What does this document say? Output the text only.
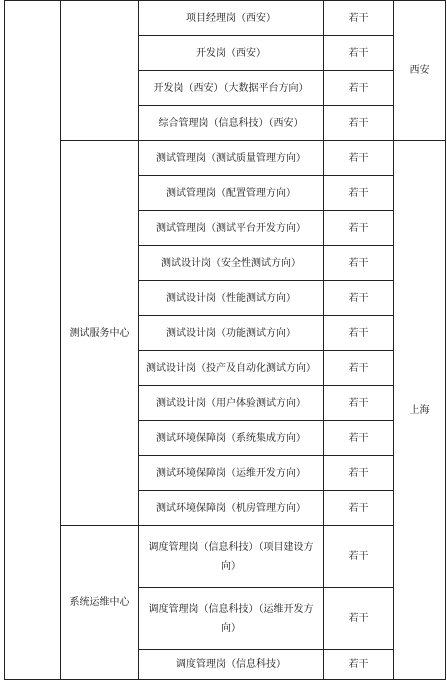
		项目经理岗（西安）	若干	西安
		开发岗（西安）	若干	
		开发岗（西安）（大数据平台方向）	若干	
		综合管理岗（信息科技）（西安）	若干	
	测试服务中心	测试管理岗（测试质量管理方向）	若干	上海
		测试管理岗（配置管理方向）	若干	
		测试管理岗（测试平台开发方向）	若干	
		测试设计岗（安全性测试方向）	若干	
		测试设计岗（性能测试方向）	若干	
		测试设计岗（功能测试方向）	若干	
		测试设计岗（投产及自动化测试方向）	若干	
		测试设计岗（用户体验测试方向）	若干	
		测试环境保障岗（系统集成方向）	若干	
		测试环境保障岗（运维开发方向）	若干	
		测试环境保障岗（机房管理方向）	若干	
	系统运维中心	调度管理岗（信息科技）（项目建设方向）	若干	
		调度管理岗（信息科技）（运维开发方向）	若干	
		调度管理岗（信息科技）	若干	
